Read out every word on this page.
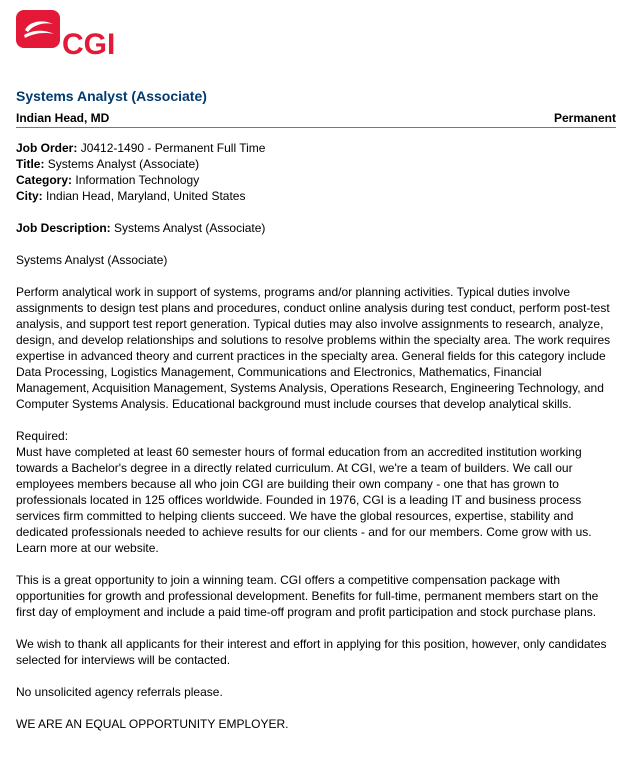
CGI
Systems Analyst (Associate)
Indian Head, MD	Permanent

Job Order: J0412-1490 - Permanent Full Time
Title: Systems Analyst (Associate)
Category: Information Technology
City: Indian Head, Maryland, United States

Job Description: Systems Analyst (Associate)

Systems Analyst (Associate)

Perform analytical work in support of systems, programs and/or planning activities. Typical duties involve assignments to design test plans and procedures, conduct online analysis during test conduct, perform post-test analysis, and support test report generation. Typical duties may also involve assignments to research, analyze, design, and develop relationships and solutions to resolve problems within the specialty area. The work requires expertise in advanced theory and current practices in the specialty area. General fields for this category include Data Processing, Logistics Management, Communications and Electronics, Mathematics, Financial Management, Acquisition Management, Systems Analysis, Operations Research, Engineering Technology, and Computer Systems Analysis. Educational background must include courses that develop analytical skills.

Required:
Must have completed at least 60 semester hours of formal education from an accredited institution working towards a Bachelor's degree in a directly related curriculum. At CGI, we're a team of builders. We call our employees members because all who join CGI are building their own company - one that has grown to professionals located in 125 offices worldwide. Founded in 1976, CGI is a leading IT and business process services firm committed to helping clients succeed. We have the global resources, expertise, stability and dedicated professionals needed to achieve results for our clients - and for our members. Come grow with us. Learn more at our website.

This is a great opportunity to join a winning team. CGI offers a competitive compensation package with opportunities for growth and professional development. Benefits for full-time, permanent members start on the first day of employment and include a paid time-off program and profit participation and stock purchase plans.

We wish to thank all applicants for their interest and effort in applying for this position, however, only candidates selected for interviews will be contacted.

No unsolicited agency referrals please.

WE ARE AN EQUAL OPPORTUNITY EMPLOYER.
